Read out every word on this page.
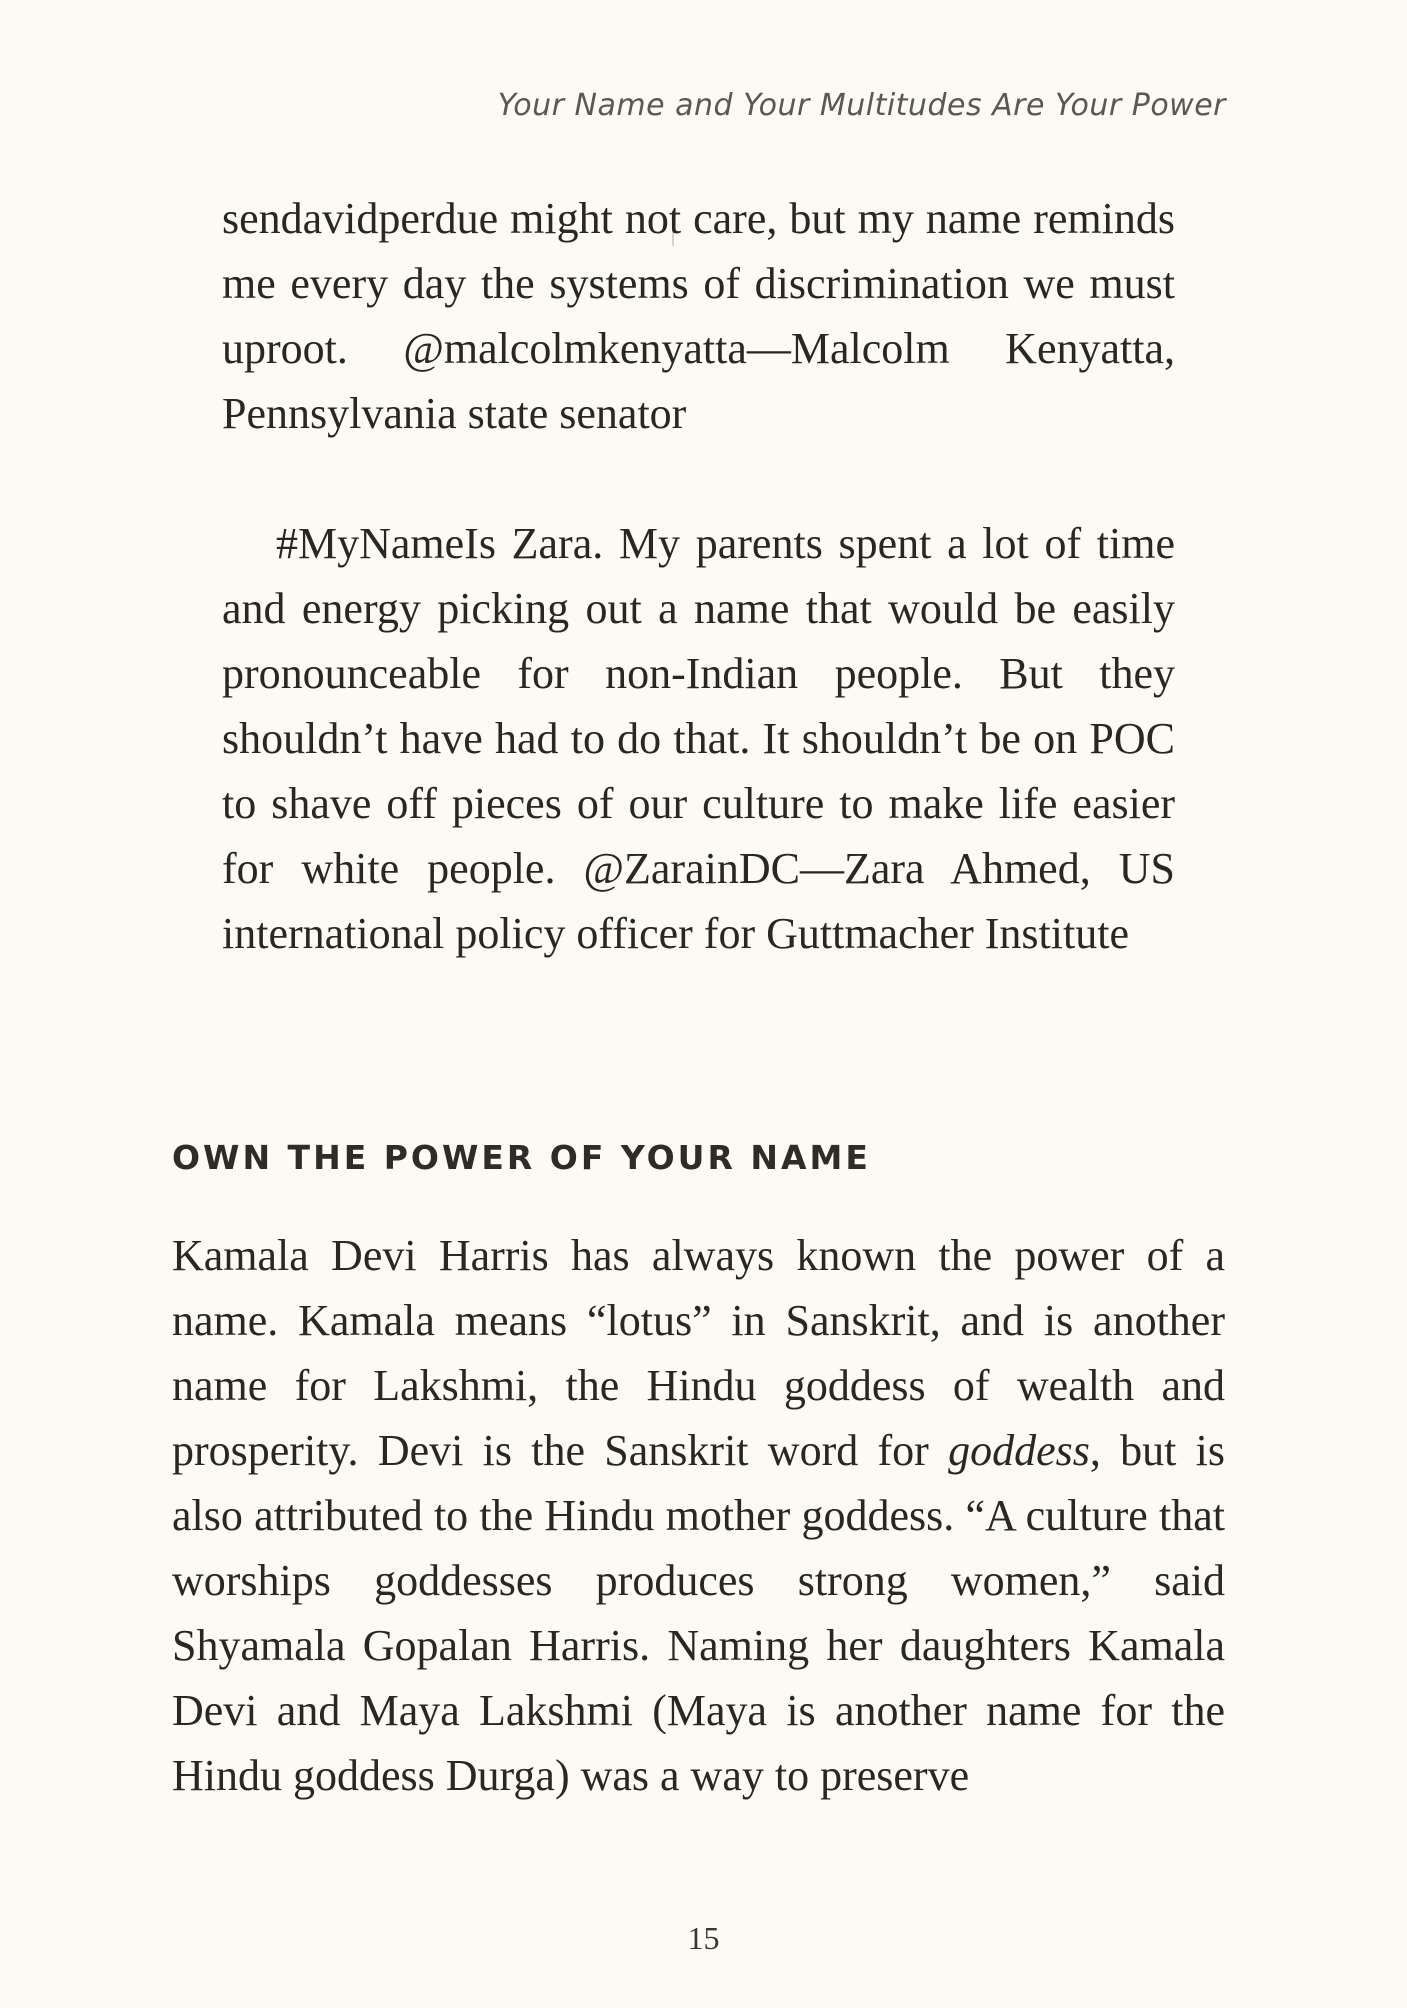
Your Name and Your Multitudes Are Your Power

sendavidperdue might not care, but my name reminds me every day the systems of discrimination we must uproot. @malcolmkenyatta—Malcolm Kenyatta, Pennsylvania state senator

#MyNameIs Zara. My parents spent a lot of time and energy picking out a name that would be easily pronounceable for non-Indian people. But they shouldn’t have had to do that. It shouldn’t be on POC to shave off pieces of our culture to make life easier for white people. @ZarainDC—Zara Ahmed, US international policy officer for Guttmacher Institute

OWN THE POWER OF YOUR NAME

Kamala Devi Harris has always known the power of a name. Kamala means “lotus” in Sanskrit, and is another name for Lakshmi, the Hindu goddess of wealth and prosperity. Devi is the Sanskrit word for goddess, but is also attributed to the Hindu mother goddess. “A culture that worships goddesses produces strong women,” said Shyamala Gopalan Harris. Naming her daughters Kamala Devi and Maya Lakshmi (Maya is another name for the Hindu goddess Durga) was a way to preserve

15
